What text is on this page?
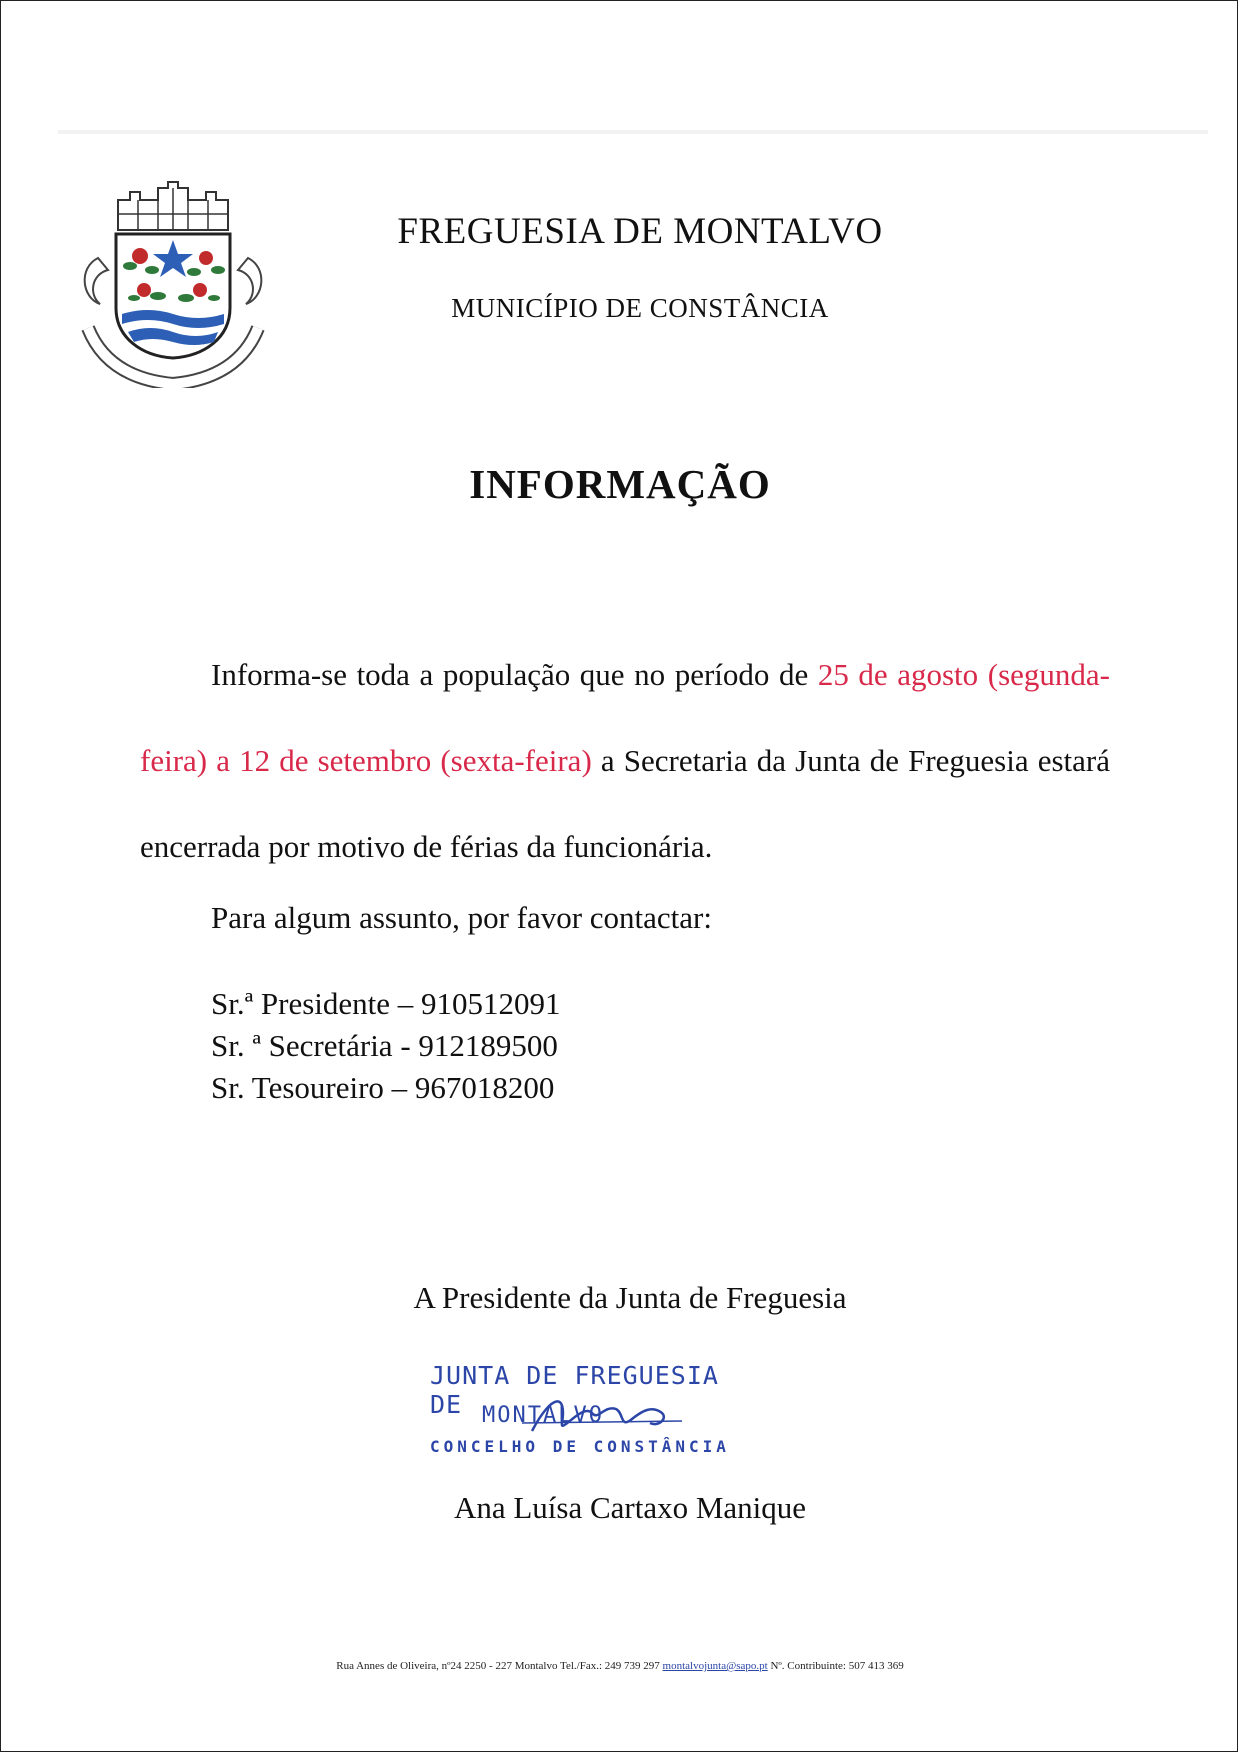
FREGUESIA DE MONTALVO
MUNICÍPIO DE CONSTÂNCIA
INFORMAÇÃO

Informa-se toda a população que no período de 25 de agosto (segunda-feira) a 12 de setembro (sexta-feira) a Secretaria da Junta de Freguesia estará encerrada por motivo de férias da funcionária.

Para algum assunto, por favor contactar:
Sr.ª Presidente – 910512091
Sr. ª Secretária - 912189500
Sr. Tesoureiro – 967018200
A Presidente da Junta de Freguesia
JUNTA DE FREGUESIA DE MONTALVO
CONCELHO DE CONSTÂNCIA
Ana Luísa Cartaxo Manique
Rua Annes de Oliveira, nº24 2250 - 227 Montalvo Tel./Fax.: 249 739 297 montalvojunta@sapo.pt Nº. Contribuinte: 507 413 369
